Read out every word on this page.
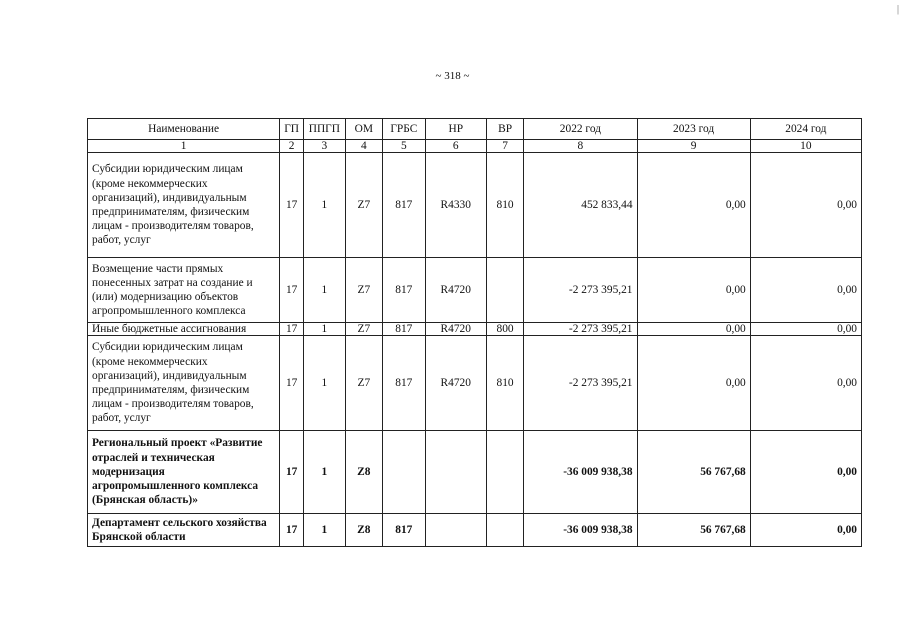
|
~ 318 ~
Наименование	ГП	ППГП	ОМ	ГРБС	НР	ВР	2022 год	2023 год	2024 год
1	2	3	4	5	6	7	8	9	10
Субсидии юридическим лицам (кроме некоммерческих организаций), индивидуальным предпринимателям, физическим лицам - производителям товаров, работ, услуг	17	1	Z7	817	R4330	810	452 833,44	0,00	0,00
Возмещение части прямых понесенных затрат на создание и (или) модернизацию объектов агропромышленного комплекса	17	1	Z7	817	R4720		-2 273 395,21	0,00	0,00
Иные бюджетные ассигнования	17	1	Z7	817	R4720	800	-2 273 395,21	0,00	0,00
Субсидии юридическим лицам (кроме некоммерческих организаций), индивидуальным предпринимателям, физическим лицам - производителям товаров, работ, услуг	17	1	Z7	817	R4720	810	-2 273 395,21	0,00	0,00
Региональный проект «Развитие отраслей и техническая модернизация агропромышленного комплекса (Брянская область)»	17	1	Z8				-36 009 938,38	56 767,68	0,00
Департамент сельского хозяйства Брянской области	17	1	Z8	817			-36 009 938,38	56 767,68	0,00
